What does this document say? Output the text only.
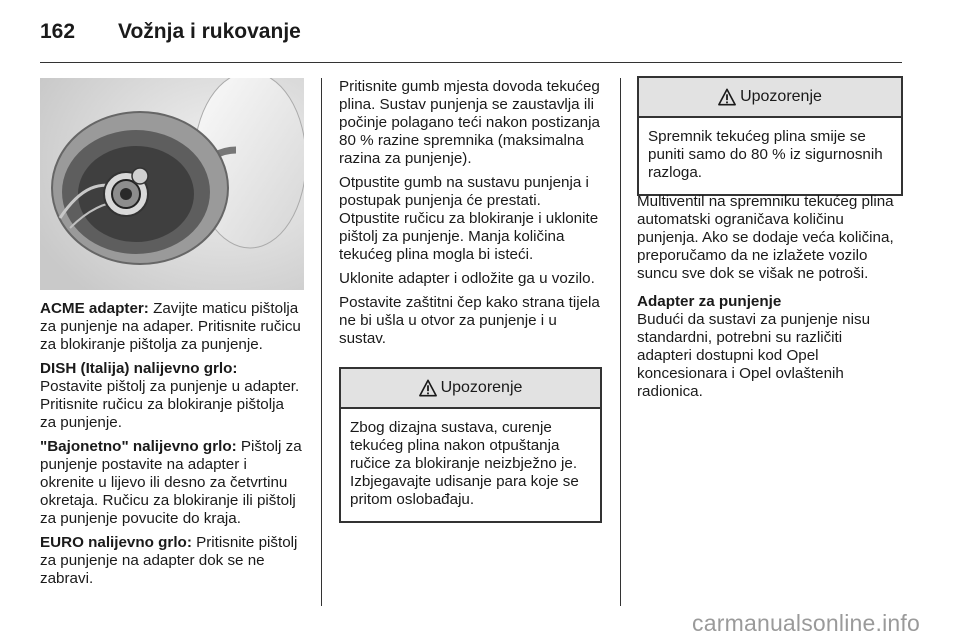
162	Vožnja i rukovanje

ACME adapter: Zavijte maticu pištolja za punjenje na adaper. Pritisnite ručicu za blokiranje pištolja za punjenje.

DISH (Italija) nalijevno grlo: Postavite pištolj za punjenje u adapter. Pritisnite ručicu za blokiranje pištolja za punjenje.

"Bajonetno" nalijevno grlo: Pištolj za punjenje postavite na adapter i okrenite u lijevo ili desno za četvrtinu okretaja. Ručicu za blokiranje ili pištolj za punjenje povucite do kraja.

EURO nalijevno grlo: Pritisnite pištolj za punjenje na adapter dok se ne zabravi.

Pritisnite gumb mjesta dovoda tekućeg plina. Sustav punjenja se zaustavlja ili počinje polagano teći nakon postizanja 80 % razine spremnika (maksimalna razina za punjenje).

Otpustite gumb na sustavu punjenja i postupak punjenja će prestati. Otpustite ručicu za blokiranje i uklonite pištolj za punjenje. Manja količina tekućeg plina mogla bi isteći.

Uklonite adapter i odložite ga u vozilo.

Postavite zaštitni čep kako strana tijela ne bi ušla u otvor za punjenje i u sustav.

Upozorenje
Zbog dizajna sustava, curenje tekućeg plina nakon otpuštanja ručice za blokiranje neizbježno je. Izbjegavajte udisanje para koje se pritom oslobađaju.
Upozorenje
Spremnik tekućeg plina smije se puniti samo do 80 % iz sigurnosnih razloga.

Multiventil na spremniku tekućeg plina automatski ograničava količinu punjenja. Ako se dodaje veća količina, preporučamo da ne izlažete vozilo suncu sve dok se višak ne potroši.

Adapter za punjenje

Budući da sustavi za punjenje nisu standardni, potrebni su različiti adapteri dostupni kod Opel koncesionara i Opel ovlaštenih radionica.

carmanualsonline.info
